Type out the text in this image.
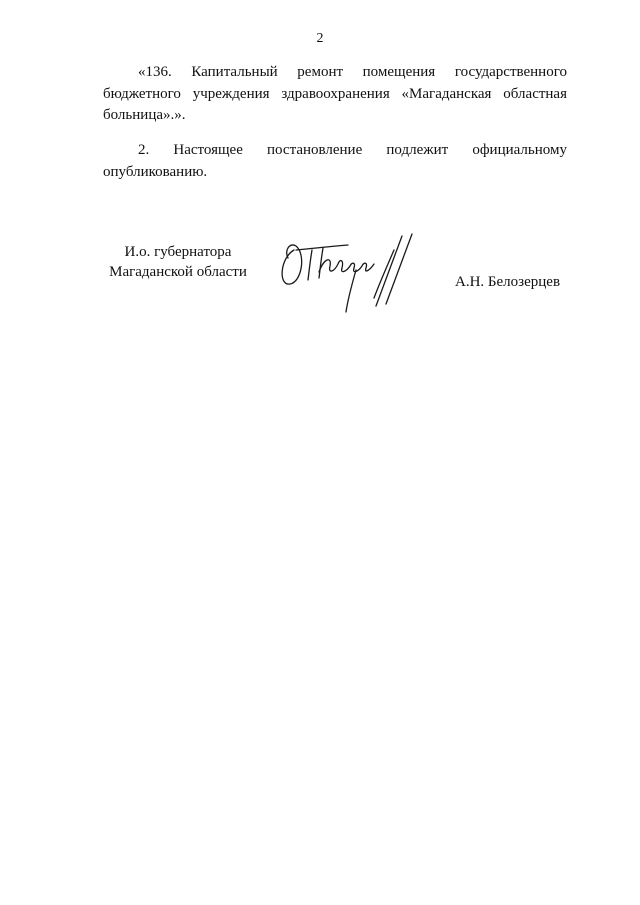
2
«136. Капитальный ремонт помещения государственного
бюджетного учреждения здравоохранения «Магаданская областная больница».».
2. Настоящее постановление подлежит официальному
опубликованию.
И.о. губернатора
Магаданской области
А.Н. Белозерцев
